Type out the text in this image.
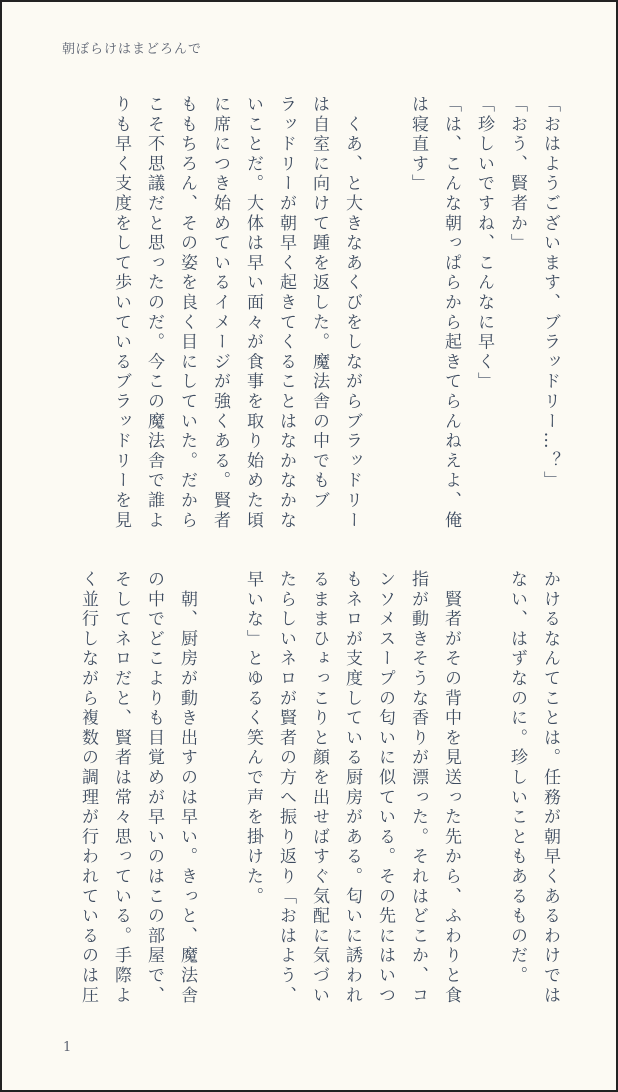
朝ぼらけはまどろんで

「おはようございます、ブラッドリー…？」

「おう、賢者か」

「珍しいですね、こんなに早く」

「は、こんな朝っぱらから起きてらんねえよ、俺

は寝直す」

　くあ、と大きなあくびをしながらブラッドリー

は自室に向けて踵を返した。魔法舎の中でもブ

ラッドリーが朝早く起きてくることはなかなかな

いことだ。大体は早い面々が食事を取り始めた頃

に席につき始めているイメージが強くある。賢者

ももちろん、その姿を良く目にしていた。だから

こそ不思議だと思ったのだ。今この魔法舎で誰よ

りも早く支度をして歩いているブラッドリーを見

かけるなんてことは。任務が朝早くあるわけでは

ない、はずなのに。珍しいこともあるものだ。

　賢者がその背中を見送った先から、ふわりと食

指が動きそうな香りが漂った。それはどこか、コ

ンソメスープの匂いに似ている。その先にはいつ

もネロが支度している厨房がある。匂いに誘われ

るままひょっこりと顔を出せばすぐ気配に気づい

たらしいネロが賢者の方へ振り返り「おはよう、

早いな」とゆるく笑んで声を掛けた。

　朝、厨房が動き出すのは早い。きっと、魔法舎

の中でどこよりも目覚めが早いのはこの部屋で、

そしてネロだと、賢者は常々思っている。手際よ

く並行しながら複数の調理が行われているのは圧

1
